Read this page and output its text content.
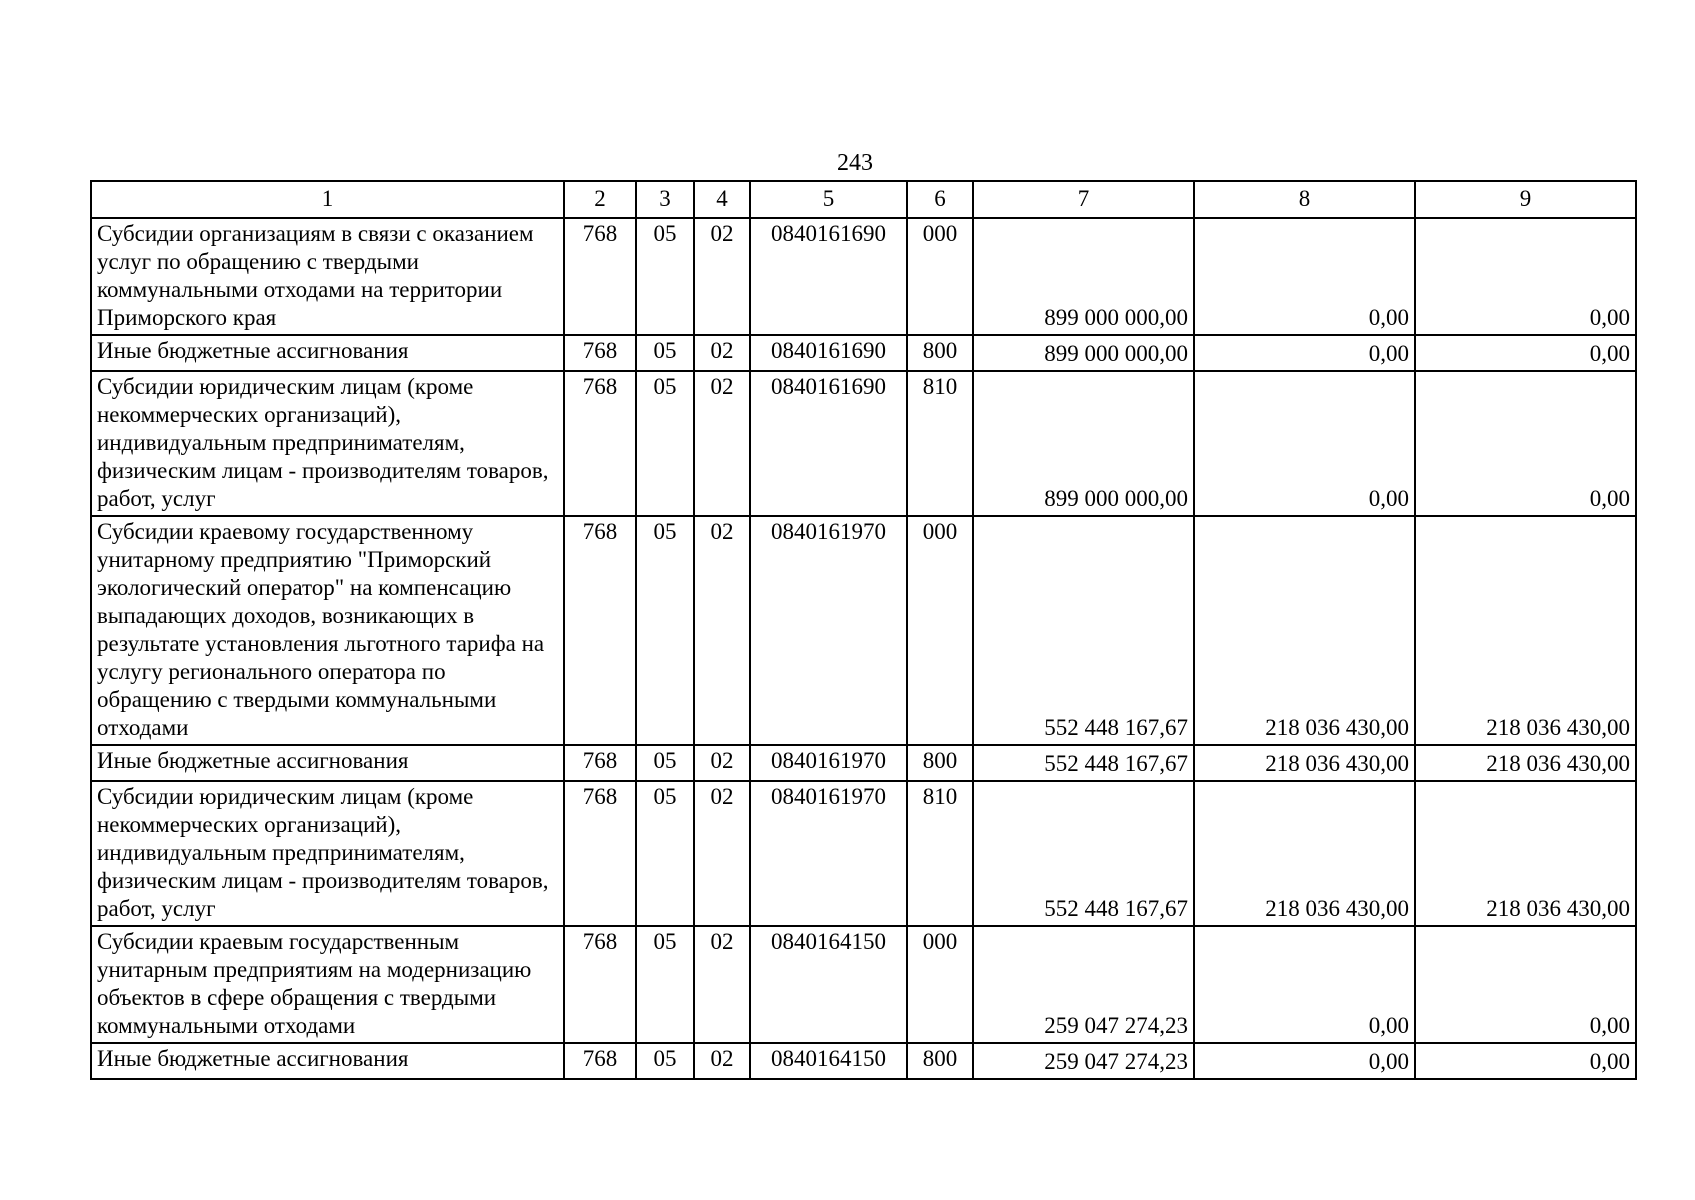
243
1	2	3	4	5	6	7	8	9
Субсидии организациям в связи с оказанием услуг по обращению с твердыми коммунальными отходами на территории Приморского края	768	05	02	0840161690	000	899 000 000,00	0,00	0,00
Иные бюджетные ассигнования	768	05	02	0840161690	800	899 000 000,00	0,00	0,00
Субсидии юридическим лицам (кроме некоммерческих организаций), индивидуальным предпринимателям, физическим лицам - производителям товаров, работ, услуг	768	05	02	0840161690	810	899 000 000,00	0,00	0,00
Субсидии краевому государственному унитарному предприятию "Приморский экологический оператор" на компенсацию выпадающих доходов, возникающих в результате установления льготного тарифа на услугу регионального оператора по обращению с твердыми коммунальными отходами	768	05	02	0840161970	000	552 448 167,67	218 036 430,00	218 036 430,00
Иные бюджетные ассигнования	768	05	02	0840161970	800	552 448 167,67	218 036 430,00	218 036 430,00
Субсидии юридическим лицам (кроме некоммерческих организаций), индивидуальным предпринимателям, физическим лицам - производителям товаров, работ, услуг	768	05	02	0840161970	810	552 448 167,67	218 036 430,00	218 036 430,00
Субсидии краевым государственным унитарным предприятиям на модернизацию объектов в сфере обращения с твердыми коммунальными отходами	768	05	02	0840164150	000	259 047 274,23	0,00	0,00
Иные бюджетные ассигнования	768	05	02	0840164150	800	259 047 274,23	0,00	0,00
